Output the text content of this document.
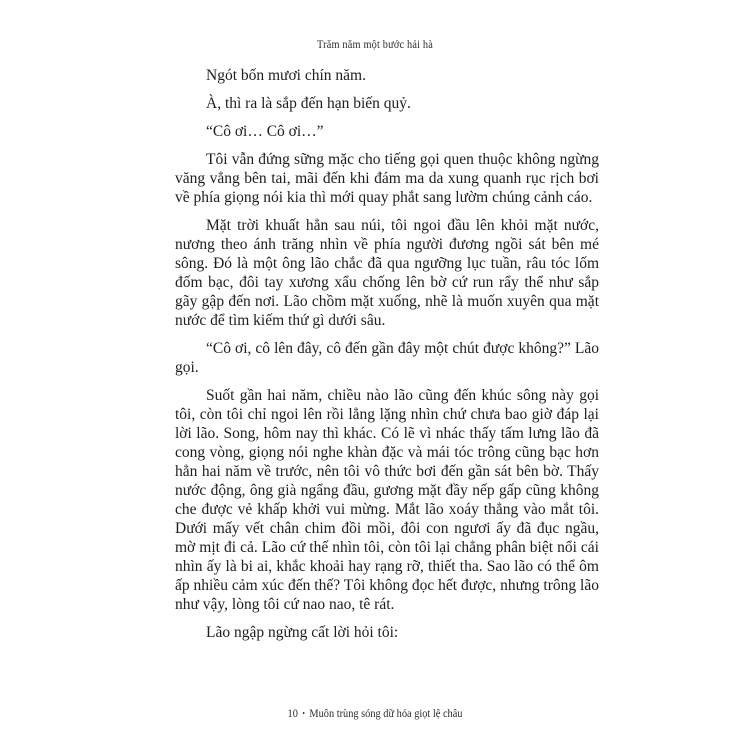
Trăm năm một bước hải hà

Ngót bốn mươi chín năm.

À, thì ra là sắp đến hạn biến quỷ.

“Cô ơi… Cô ơi…”

Tôi vẫn đứng sững mặc cho tiếng gọi quen thuộc không ngừng văng vẳng bên tai, mãi đến khi đám ma da xung quanh rục rịch bơi về phía giọng nói kia thì mới quay phắt sang lườm chúng cảnh cáo.

Mặt trời khuất hẳn sau núi, tôi ngoi đầu lên khỏi mặt nước, nương theo ánh trăng nhìn về phía người đương ngồi sát bên mé sông. Đó là một ông lão chắc đã qua ngưỡng lục tuần, râu tóc lốm đốm bạc, đôi tay xương xẩu chống lên bờ cứ run rẩy thể như sắp gãy gập đến nơi. Lão chồm mặt xuống, nhẽ là muốn xuyên qua mặt nước để tìm kiếm thứ gì dưới sâu.

“Cô ơi, cô lên đây, cô đến gần đây một chút được không?” Lão gọi.

Suốt gần hai năm, chiều nào lão cũng đến khúc sông này gọi tôi, còn tôi chỉ ngoi lên rồi lẳng lặng nhìn chứ chưa bao giờ đáp lại lời lão. Song, hôm nay thì khác. Có lẽ vì nhác thấy tấm lưng lão đã cong vòng, giọng nói nghe khàn đặc và mái tóc trông cũng bạc hơn hẳn hai năm về trước, nên tôi vô thức bơi đến gần sát bên bờ. Thấy nước động, ông già ngẩng đầu, gương mặt đầy nếp gấp cũng không che được vẻ khấp khởi vui mừng. Mắt lão xoáy thẳng vào mắt tôi. Dưới mấy vết chân chim đồi mồi, đôi con ngươi ấy đã đục ngầu, mờ mịt đi cả. Lão cứ thế nhìn tôi, còn tôi lại chẳng phân biệt nổi cái nhìn ấy là bi ai, khắc khoải hay rạng rỡ, thiết tha. Sao lão có thể ôm ấp nhiều cảm xúc đến thế? Tôi không đọc hết được, nhưng trông lão như vậy, lòng tôi cứ nao nao, tê rát.

Lão ngập ngừng cất lời hỏi tôi:

10 • Muôn trùng sóng dữ hóa giọt lệ châu
